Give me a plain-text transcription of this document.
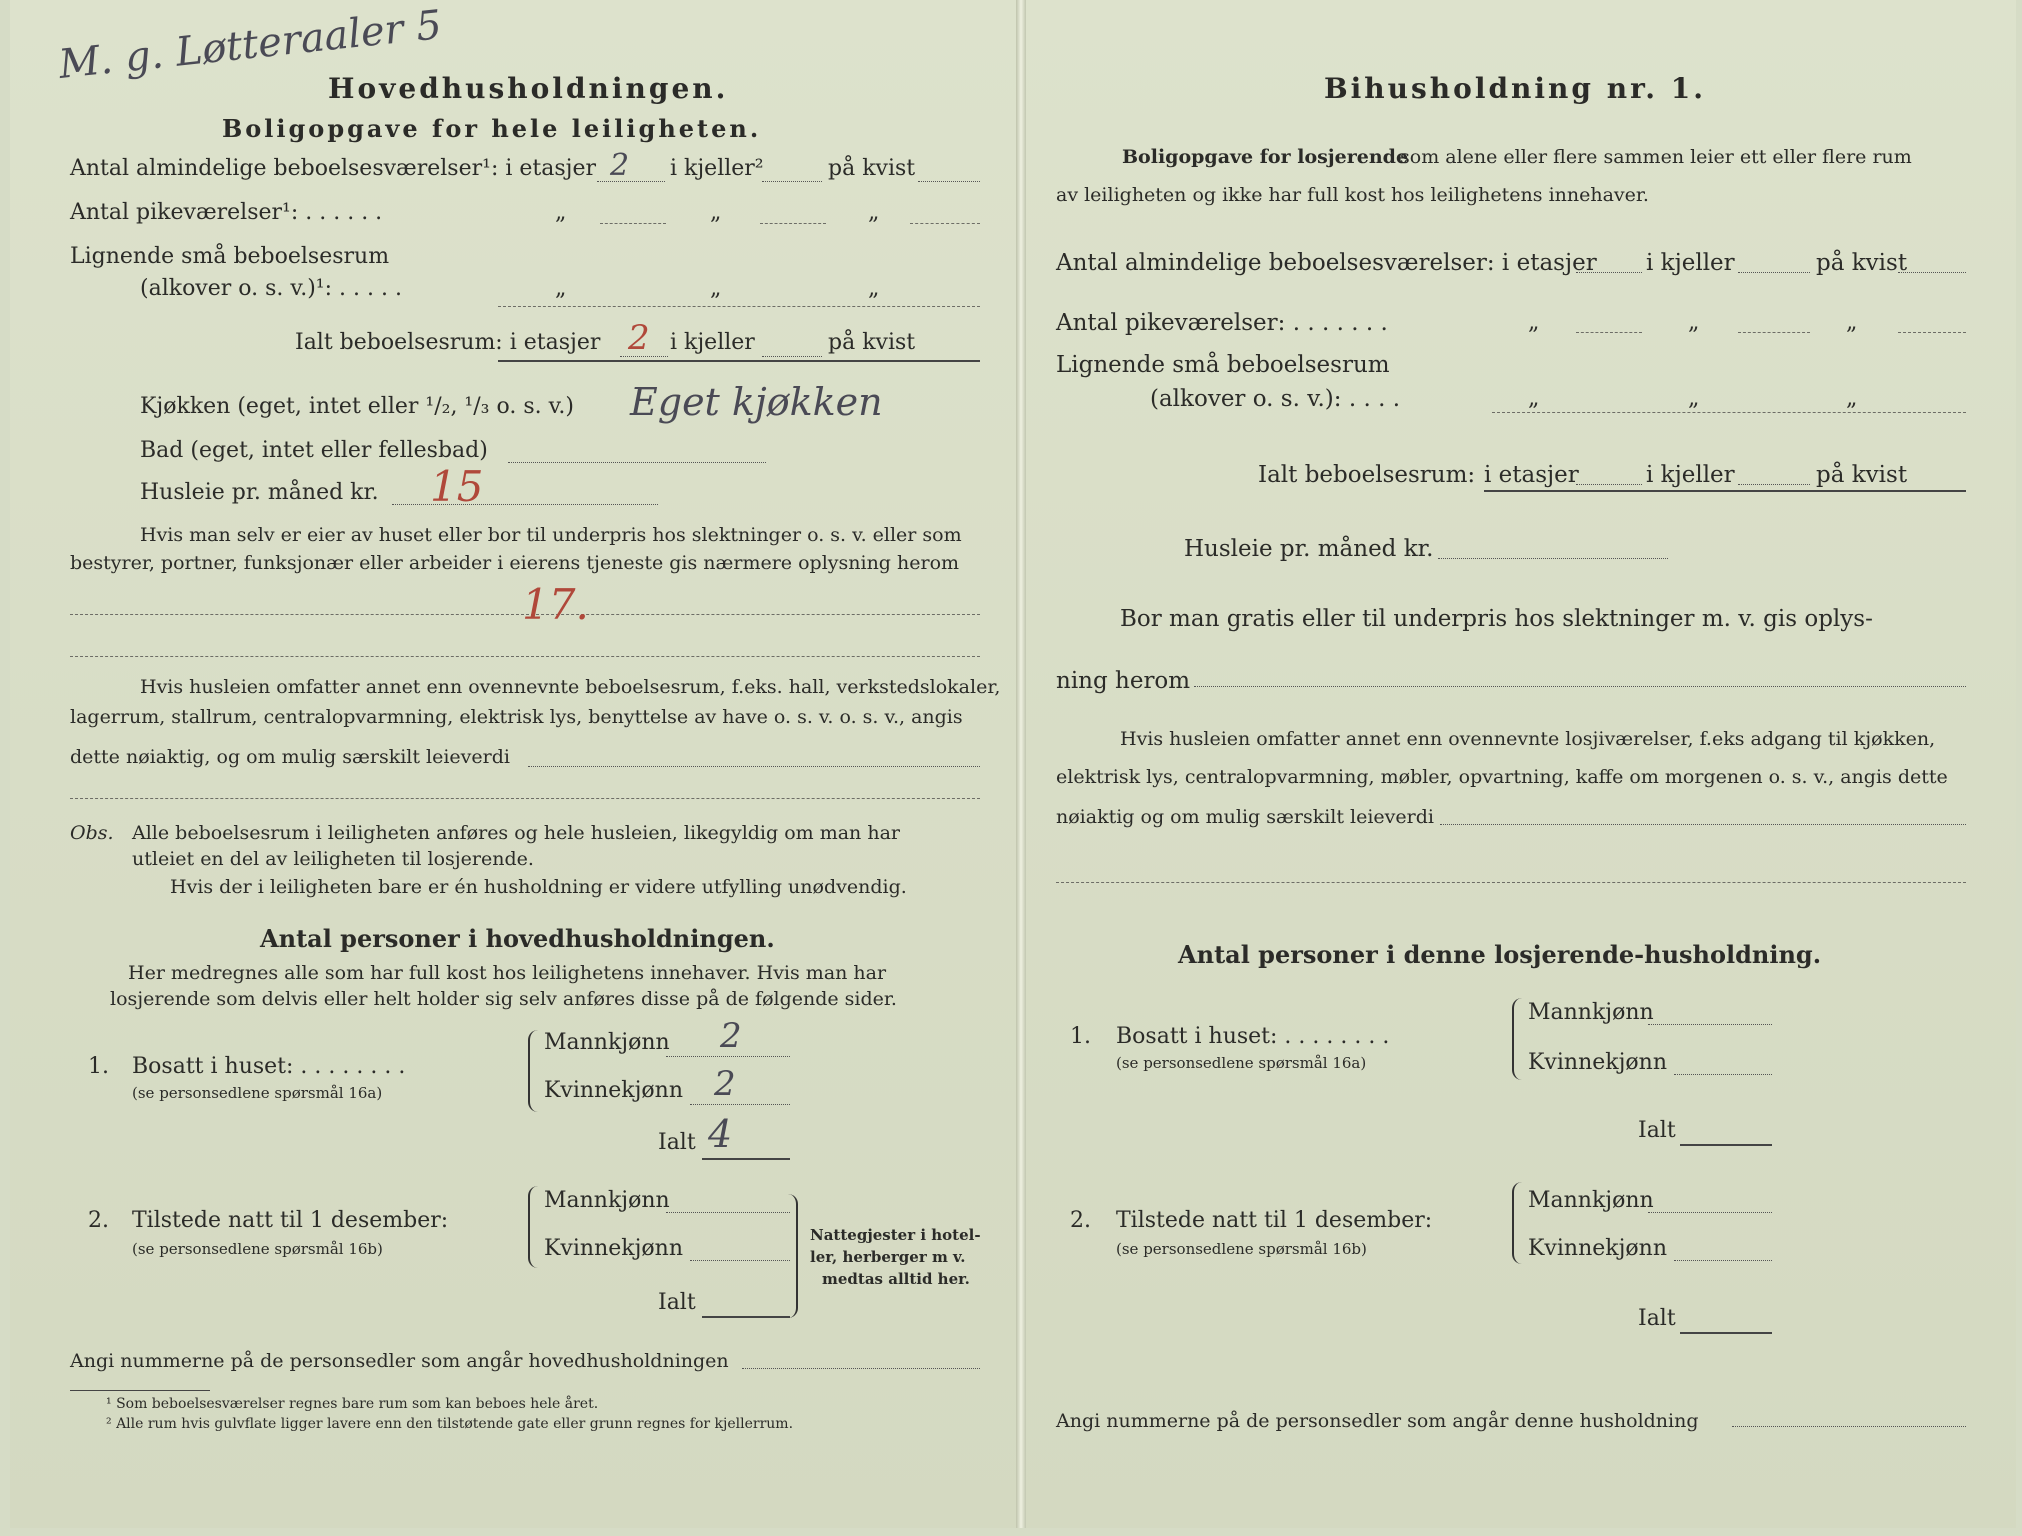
M. g. Løtteraaler 5
Hovedhusholdningen.
Boligopgave for hele leiligheten.
Antal almindelige beboelsesværelser¹: i etasjer 2 i kjeller²	på kvist
Antal pikeværelser¹: . . . . . .	„	„	„
Lignende små beboelsesrum
(alkover o. s. v.)¹: . . . . .	„	„	„
Ialt beboelsesrum: i etasjer 2 i kjeller	på kvist
Kjøkken (eget, intet eller ¹/₂, ¹/₃ o. s. v.) Eget kjøkken
Bad (eget, intet eller fellesbad)
Husleie pr. måned kr. 15
Hvis man selv er eier av huset eller bor til underpris hos slektninger o. s. v. eller som
bestyrer, portner, funksjonær eller arbeider i eierens tjeneste gis nærmere oplysning herom
17.
Hvis husleien omfatter annet enn ovennevnte beboelsesrum, f.eks. hall, verkstedslokaler,
lagerrum, stallrum, centralopvarmning, elektrisk lys, benyttelse av have o. s. v. o. s. v., angis
dette nøiaktig, og om mulig særskilt leieverdi
Obs. Alle beboelsesrum i leiligheten anføres og hele husleien, likegyldig om man har
utleiet en del av leiligheten til losjerende.
Hvis der i leiligheten bare er én husholdning er videre utfylling unødvendig.
Antal personer i hovedhusholdningen.
Her medregnes alle som har full kost hos leilighetens innehaver. Hvis man har
losjerende som delvis eller helt holder sig selv anføres disse på de følgende sider.
1. Bosatt i huset: . . . . . . . .
(se personsedlene spørsmål 16a)
Mannkjønn 2
Kvinnekjønn 2
Ialt 4
2. Tilstede natt til 1 desember:
(se personsedlene spørsmål 16b)
Mannkjønn
Kvinnekjønn
Ialt
Nattegjester i hotel-
ler, herberger m v.
medtas alltid her.
Angi nummerne på de personsedler som angår hovedhusholdningen
¹ Som beboelsesværelser regnes bare rum som kan beboes hele året.
² Alle rum hvis gulvflate ligger lavere enn den tilstøtende gate eller grunn regnes for kjellerrum.
Bihusholdning nr. 1.
Boligopgave for losjerende
som alene eller flere sammen leier ett eller flere rum
av leiligheten og ikke har full kost hos leilighetens innehaver.
Antal almindelige beboelsesværelser: i etasjer i kjeller	på kvist
Antal pikeværelser: . . . . . . .	„	„	„
Lignende små beboelsesrum
(alkover o. s. v.): . . . .	„	„	„
Ialt beboelsesrum: i etasjer	i kjeller	på kvist
Husleie pr. måned kr.
Bor man gratis eller til underpris hos slektninger m. v. gis oplys-
ning herom
Hvis husleien omfatter annet enn ovennevnte losjiværelser, f.eks adgang til kjøkken,
elektrisk lys, centralopvarmning, møbler, opvartning, kaffe om morgenen o. s. v., angis dette
nøiaktig og om mulig særskilt leieverdi
Antal personer i denne losjerende-husholdning.
1. Bosatt i huset: . . . . . . . .
(se personsedlene spørsmål 16a)
Mannkjønn
Kvinnekjønn
Ialt
2. Tilstede natt til 1 desember:
(se personsedlene spørsmål 16b)
Mannkjønn
Kvinnekjønn
Ialt
Angi nummerne på de personsedler som angår denne husholdning
